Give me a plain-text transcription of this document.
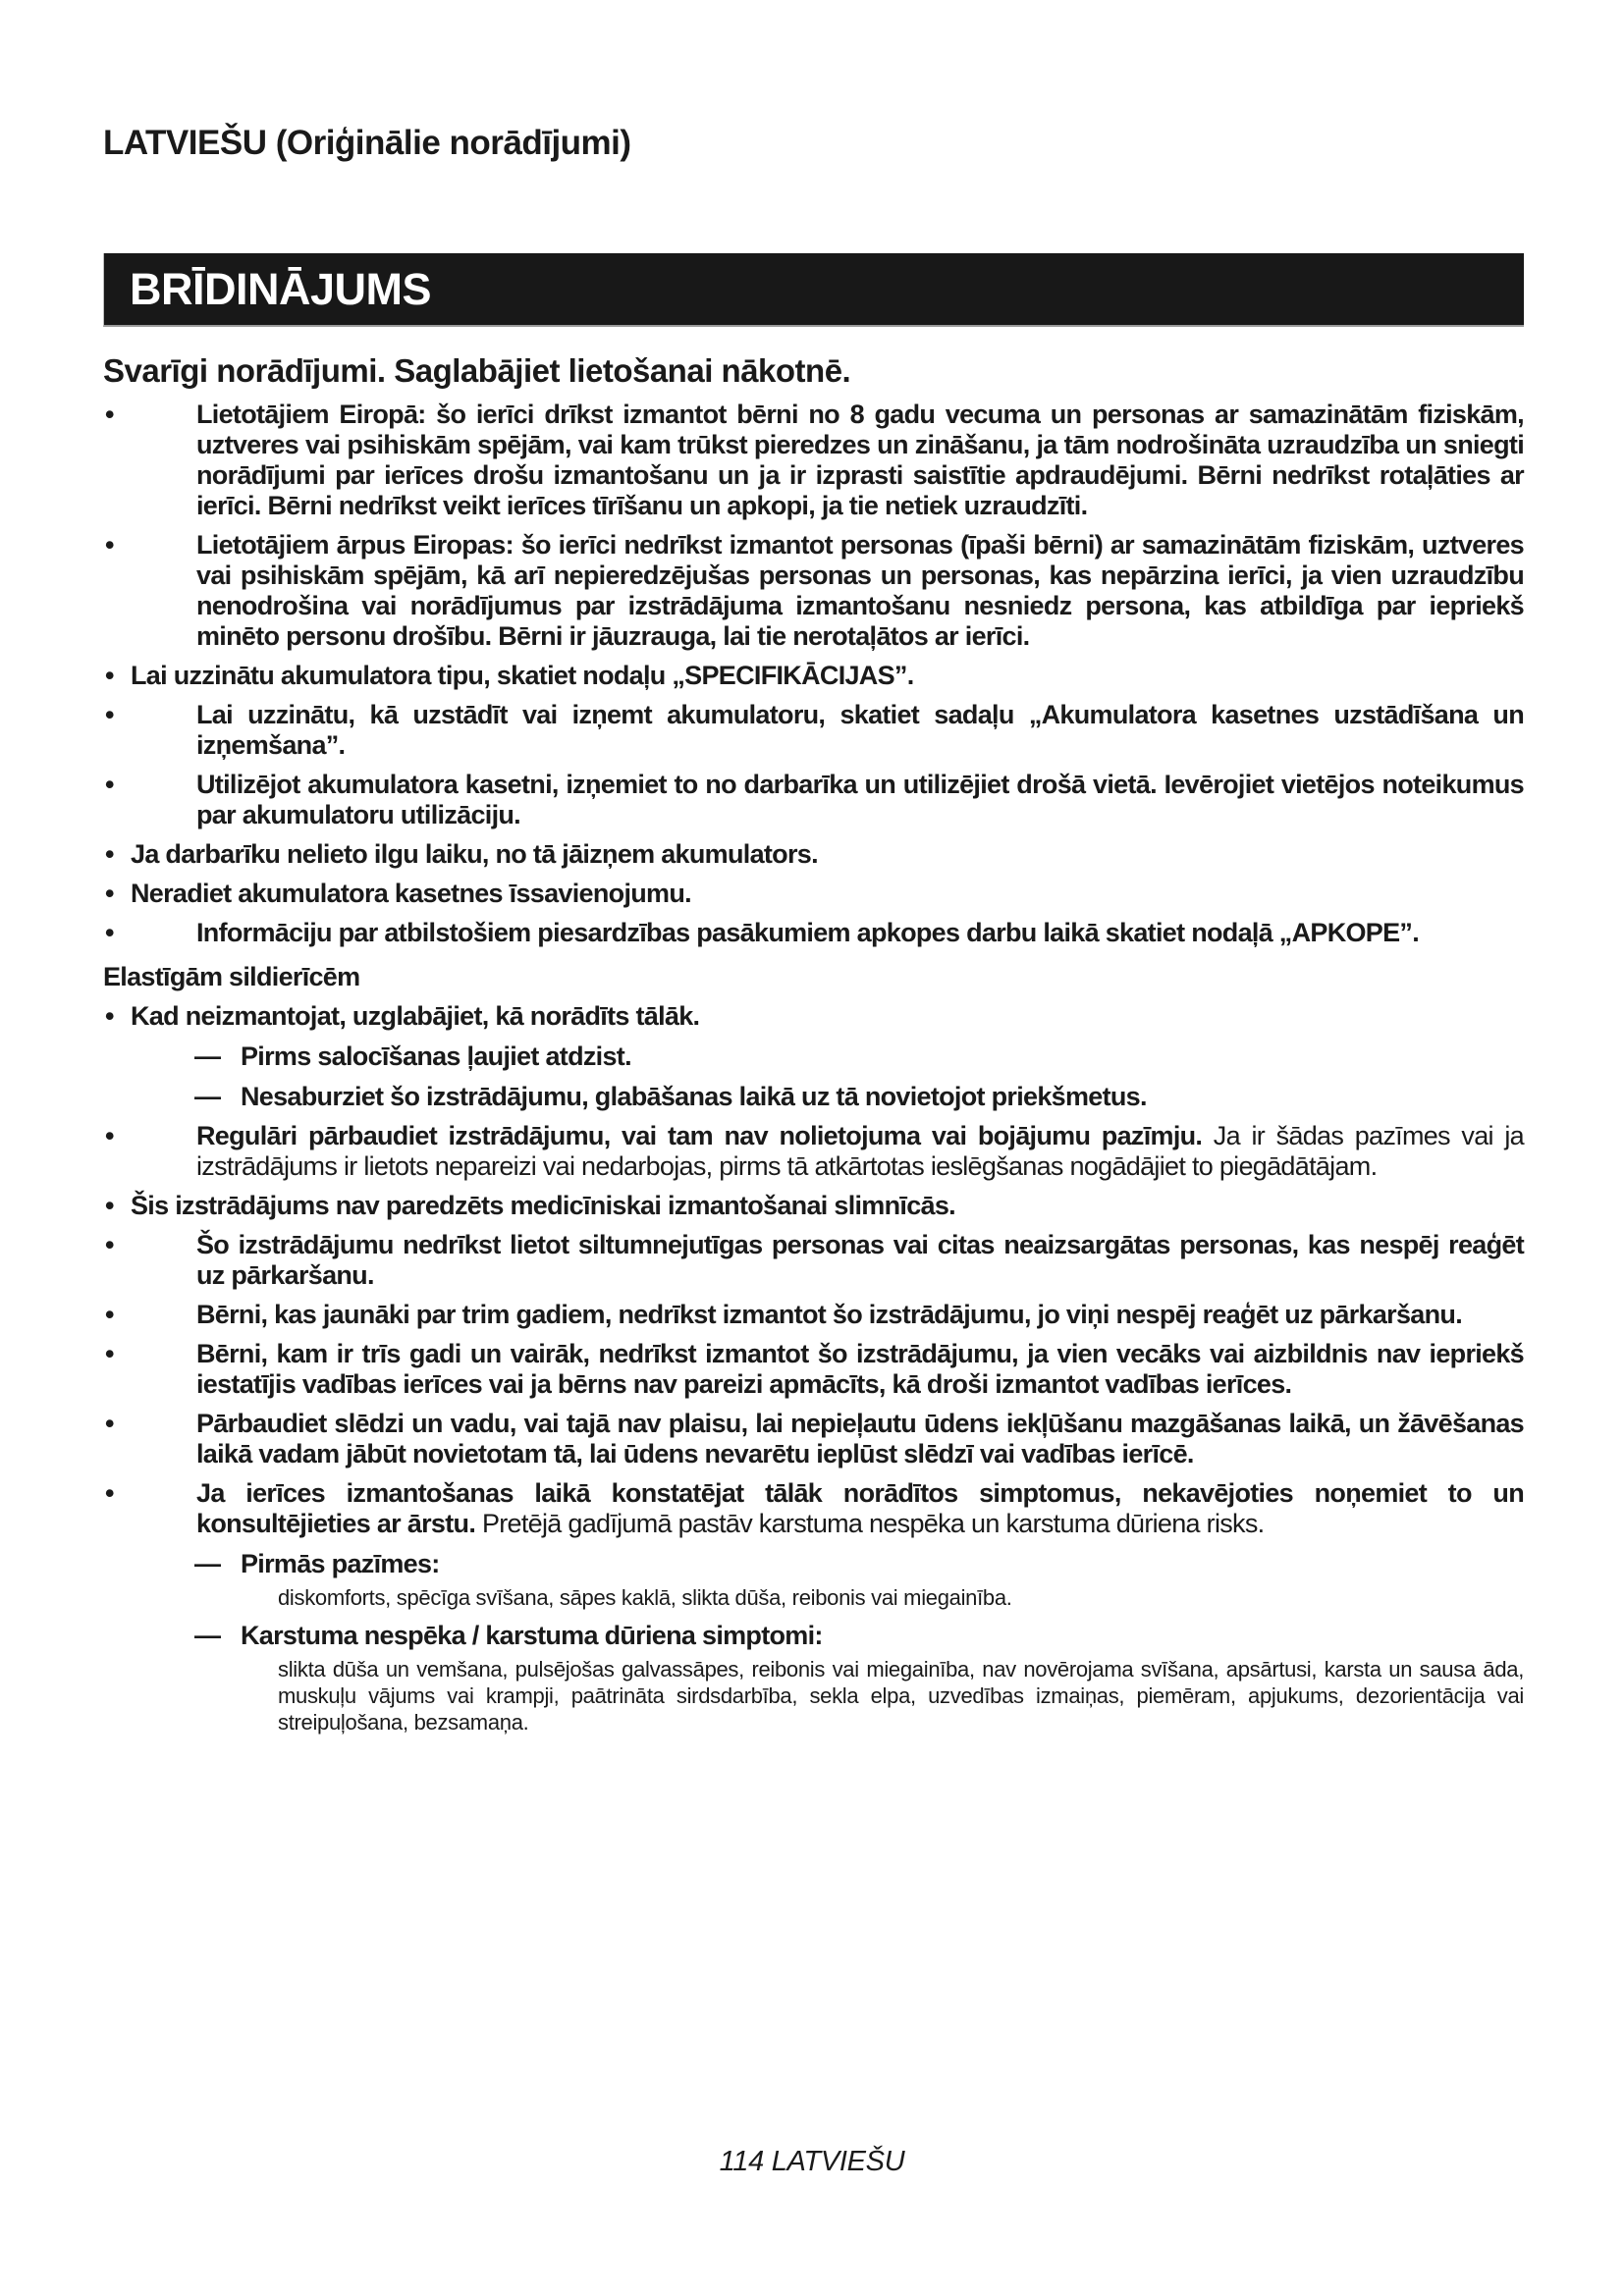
LATVIEŠU (Oriģinālie norādījumi)
BRĪDINĀJUMS
Svarīgi norādījumi. Saglabājiet lietošanai nākotnē.
•	Lietotājiem Eiropā: šo ierīci drīkst izmantot bērni no 8 gadu vecuma un personas ar samazinātām fiziskām, uztveres vai psihiskām spējām, vai kam trūkst pieredzes un zināšanu, ja tām nodrošināta uzraudzība un sniegti norādījumi par ierīces drošu izmantošanu un ja ir izprasti saistītie apdraudējumi. Bērni nedrīkst rotaļāties ar ierīci. Bērni nedrīkst veikt ierīces tīrīšanu un apkopi, ja tie netiek uzraudzīti.
•	Lietotājiem ārpus Eiropas: šo ierīci nedrīkst izmantot personas (īpaši bērni) ar samazinātām fiziskām, uztveres vai psihiskām spējām, kā arī nepieredzējušas personas un personas, kas nepārzina ierīci, ja vien uzraudzību nenodrošina vai norādījumus par izstrādājuma izmantošanu nesniedz persona, kas atbildīga par iepriekš minēto personu drošību. Bērni ir jāuzrauga, lai tie nerotaļātos ar ierīci.
• Lai uzzinātu akumulatora tipu, skatiet nodaļu „SPECIFIKĀCIJAS”.
•	Lai uzzinātu, kā uzstādīt vai izņemt akumulatoru, skatiet sadaļu „Akumulatora kasetnes uzstādīšana un izņemšana”.
•	Utilizējot akumulatora kasetni, izņemiet to no darbarīka un utilizējiet drošā vietā. Ievērojiet vietējos noteikumus par akumulatoru utilizāciju.
• Ja darbarīku nelieto ilgu laiku, no tā jāizņem akumulators.
• Neradiet akumulatora kasetnes īssavienojumu.
•	Informāciju par atbilstošiem piesardzības pasākumiem apkopes darbu laikā skatiet nodaļā „APKOPE”.
Elastīgām sildierīcēm
• Kad neizmantojat, uzglabājiet, kā norādīts tālāk.
— Pirms salocīšanas ļaujiet atdzist.
— Nesaburziet šo izstrādājumu, glabāšanas laikā uz tā novietojot priekšmetus.
•	Regulāri pārbaudiet izstrādājumu, vai tam nav nolietojuma vai bojājumu pazīmju. Ja ir šādas pazīmes vai ja izstrādājums ir lietots nepareizi vai nedarbojas, pirms tā atkārtotas ieslēgšanas nogādājiet to piegādātājam.
• Šis izstrādājums nav paredzēts medicīniskai izmantošanai slimnīcās.
•	Šo izstrādājumu nedrīkst lietot siltumnejutīgas personas vai citas neaizsargātas personas, kas nespēj reaģēt uz pārkaršanu.
•	Bērni, kas jaunāki par trim gadiem, nedrīkst izmantot šo izstrādājumu, jo viņi nespēj reaģēt uz pārkaršanu.
•	Bērni, kam ir trīs gadi un vairāk, nedrīkst izmantot šo izstrādājumu, ja vien vecāks vai aizbildnis nav iepriekš iestatījis vadības ierīces vai ja bērns nav pareizi apmācīts, kā droši izmantot vadības ierīces.
•	Pārbaudiet slēdzi un vadu, vai tajā nav plaisu, lai nepieļautu ūdens iekļūšanu mazgāšanas laikā, un žāvēšanas laikā vadam jābūt novietotam tā, lai ūdens nevarētu ieplūst slēdzī vai vadības ierīcē.
•	Ja ierīces izmantošanas laikā konstatējat tālāk norādītos simptomus, nekavējoties noņemiet to un konsultējieties ar ārstu. Pretējā gadījumā pastāv karstuma nespēka un karstuma dūriena risks.
— Pirmās pazīmes:
diskomforts, spēcīga svīšana, sāpes kaklā, slikta dūša, reibonis vai miegainība.
— Karstuma nespēka / karstuma dūriena simptomi:
slikta dūša un vemšana, pulsējošas galvassāpes, reibonis vai miegainība, nav novērojama svīšana, apsārtusi, karsta un sausa āda, muskuļu vājums vai krampji, paātrināta sirdsdarbība, sekla elpa, uzvedības izmaiņas, piemēram, apjukums, dezorientācija vai streipuļošana, bezsamaņa.
114 LATVIEŠU
